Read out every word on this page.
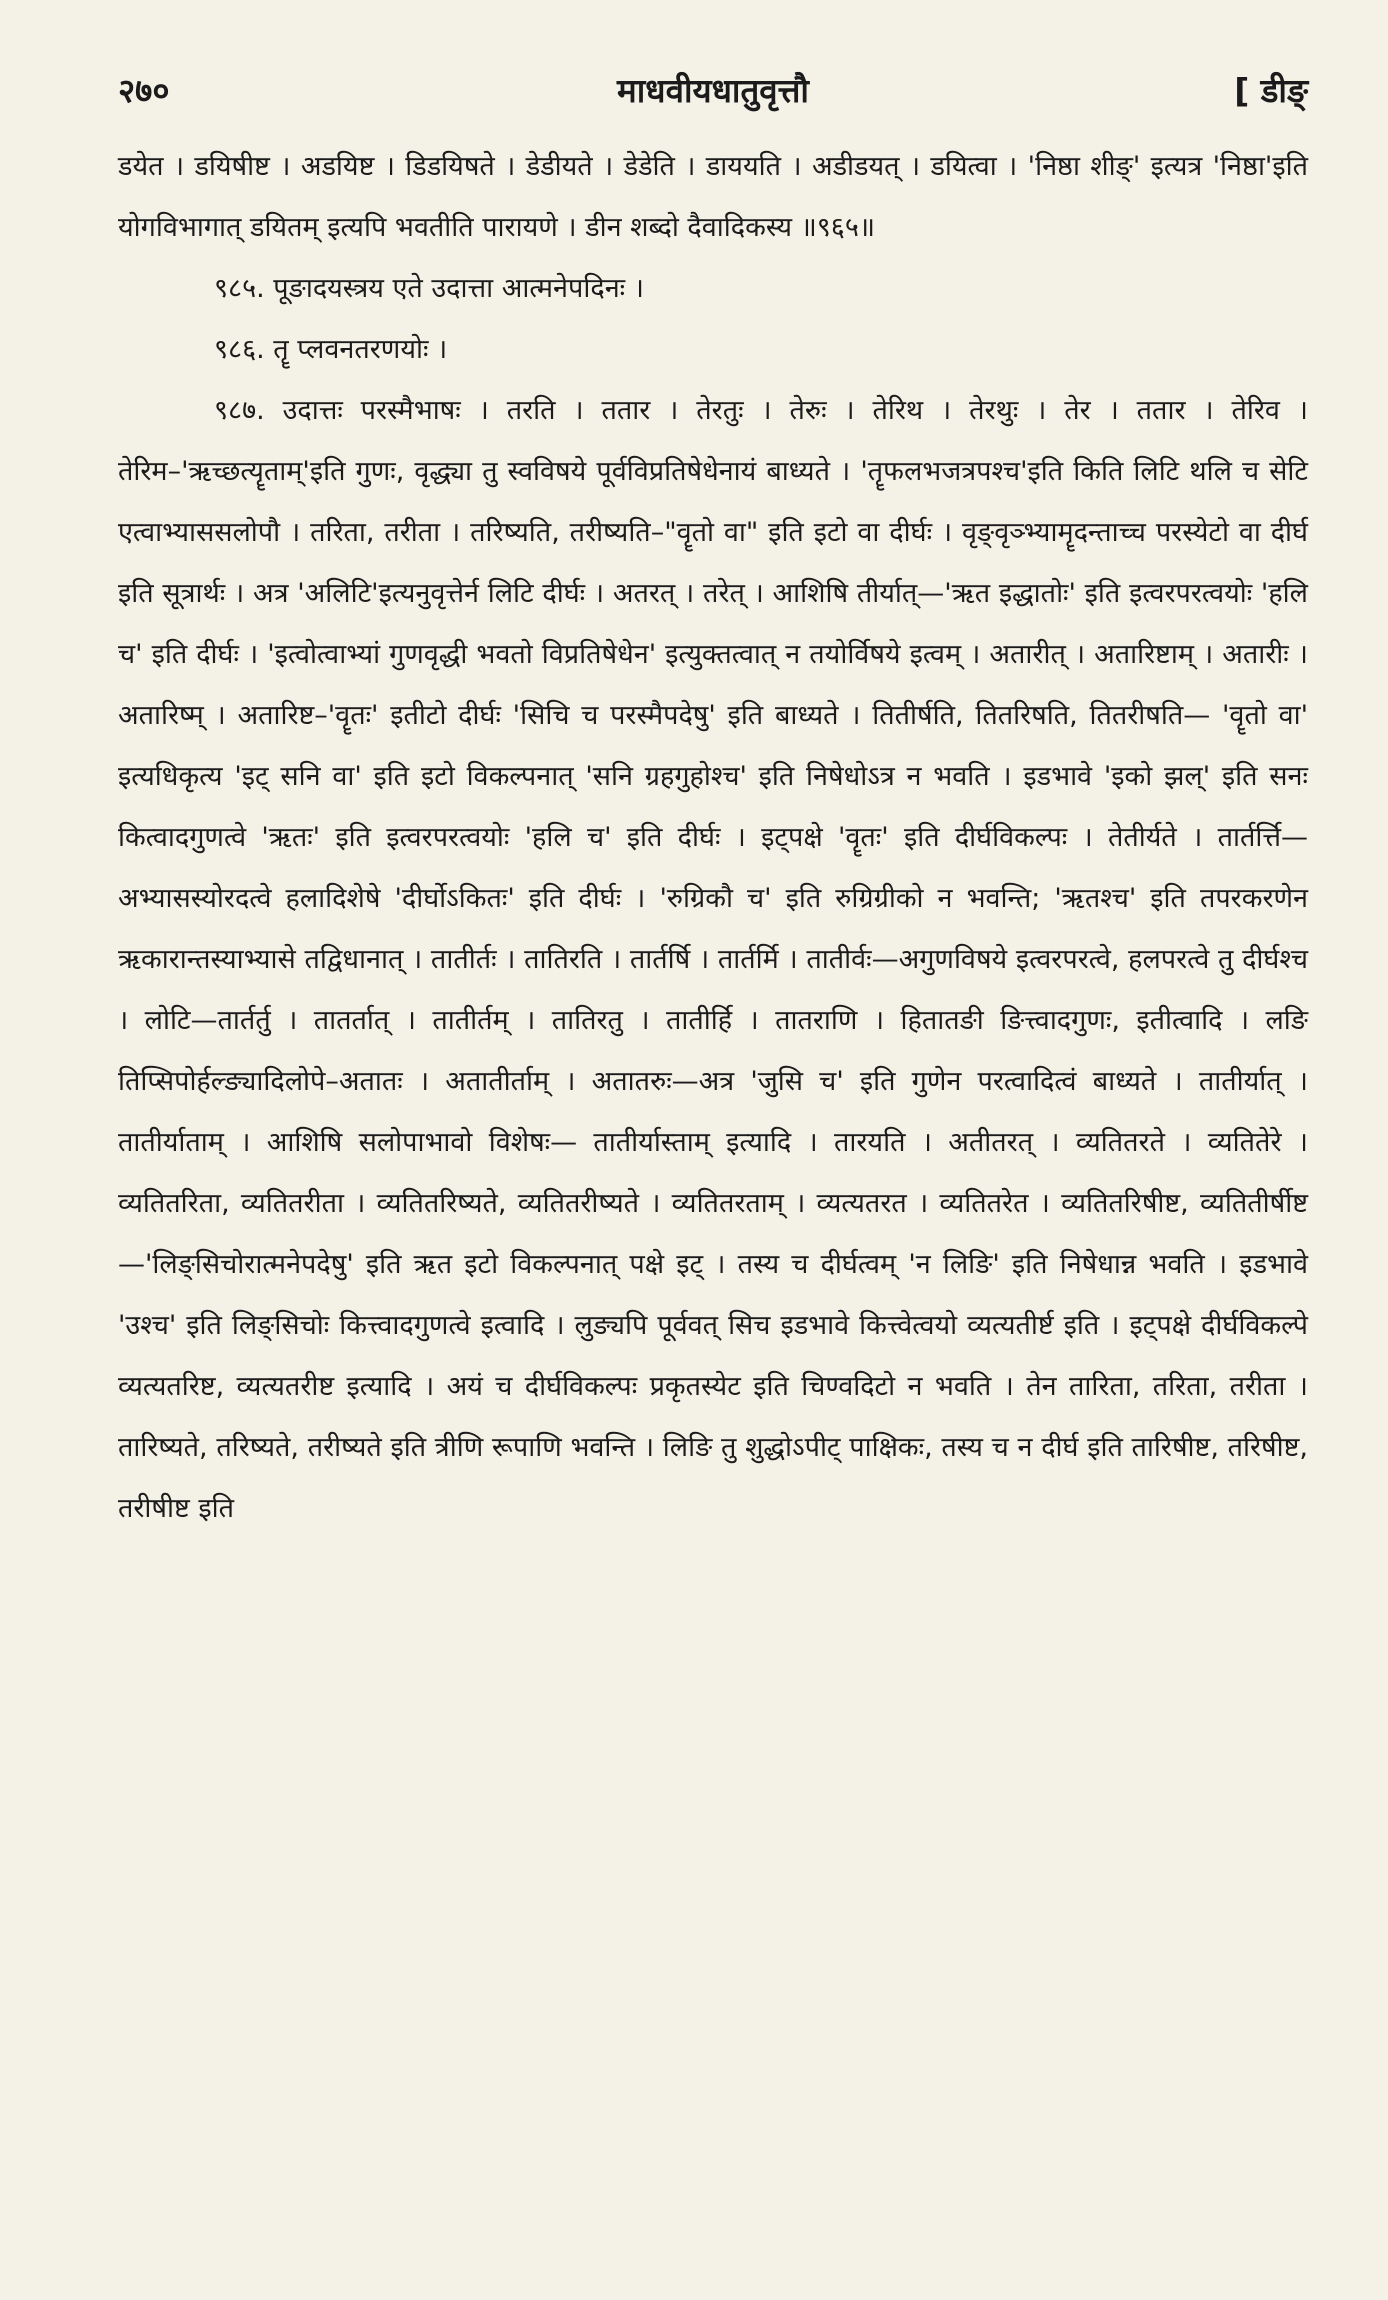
२७०	माधवीयधातुवृत्तौ	[ डीङ्

डयेत । डयिषीष्ट । अडयिष्ट । डिडयिषते । डेडीयते । डेडेति । डाययति । अडीडयत् । डयित्वा । 'निष्ठा शीङ्' इत्यत्र 'निष्ठा'इति योगविभागात् डयितम् इत्यपि भवतीति पारायणे । डीन शब्दो दैवादिकस्य ॥९६५॥

९८५. पूङादयस्त्रय एते उदात्ता आत्मनेपदिनः ।

९८६. तॄ प्लवनतरणयोः ।

९८७. उदात्तः परस्मैभाषः । तरति । ततार । तेरतुः । तेरुः । तेरिथ । तेरथुः । तेर । ततार । तेरिव । तेरिम–'ऋच्छत्यॄताम्'इति गुणः, वृद्ध्या तु स्वविषये पूर्वविप्रतिषेधेनायं बाध्यते । 'तॄफलभजत्रपश्च'इति किति लिटि थलि च सेटि एत्वाभ्याससलोपौ । तरिता, तरीता । तरिष्यति, तरीष्यति–"वॄतो वा" इति इटो वा दीर्घः । वृङ्वृञ्भ्यामॄदन्ताच्च परस्येटो वा दीर्घ इति सूत्रार्थः । अत्र 'अलिटि'इत्यनुवृत्तेर्न लिटि दीर्घः । अतरत् । तरेत् । आशिषि तीर्यात्—'ऋत इद्धातोः' इति इत्वरपरत्वयोः 'हलि च' इति दीर्घः । 'इत्वोत्वाभ्यां गुणवृद्धी भवतो विप्रतिषेधेन' इत्युक्तत्वात् न तयोर्विषये इत्वम् । अतारीत् । अतारिष्टाम् । अतारीः । अतारिष्म् । अतारिष्ट–'वॄतः' इतीटो दीर्घः 'सिचि च परस्मैपदेषु' इति बाध्यते । तितीर्षति, तितरिषति, तितरीषति— 'वॄतो वा' इत्यधिकृत्य 'इट् सनि वा' इति इटो विकल्पनात् 'सनि ग्रहगुहोश्च' इति निषेधोऽत्र न भवति । इडभावे 'इको झल्' इति सनः कित्वादगुणत्वे 'ऋतः' इति इत्वरपरत्वयोः 'हलि च' इति दीर्घः । इट्पक्षे 'वॄतः' इति दीर्घविकल्पः । तेतीर्यते । तार्तर्त्ति—अभ्यासस्योरदत्वे हलादिशेषे 'दीर्घोऽकितः' इति दीर्घः । 'रुग्रिकौ च' इति रुग्रिग्रीको न भवन्ति; 'ऋतश्च' इति तपरकरणेन ऋकारान्तस्याभ्यासे तद्विधानात् । तातीर्तः । तातिरति । तार्तर्षि । तार्तर्मि । तातीर्वः—अगुणविषये इत्वरपरत्वे, हलपरत्वे तु दीर्घश्च । लोटि—तार्तर्तु । तातर्तात् । तातीर्तम् । तातिरतु । तातीर्हि । तातराणि । हितातङी ङित्त्वादगुणः, इतीत्वादि । लङि तिप्सिपोर्हल्ङ्यादिलोपे–अतातः । अतातीर्ताम् । अतातरुः—अत्र 'जुसि च' इति गुणेन परत्वादित्वं बाध्यते । तातीर्यात् । तातीर्याताम् । आशिषि सलोपाभावो विशेषः— तातीर्यास्ताम् इत्यादि । तारयति । अतीतरत् । व्यतितरते । व्यतितेरे । व्यतितरिता, व्यतितरीता । व्यतितरिष्यते, व्यतितरीष्यते । व्यतितरताम् । व्यत्यतरत । व्यतितरेत । व्यतितरिषीष्ट, व्यतितीर्षीष्ट—'लिङ्सिचोरात्मनेपदेषु' इति ऋत इटो विकल्पनात् पक्षे इट् । तस्य च दीर्घत्वम् 'न लिङि' इति निषेधान्न भवति । इडभावे 'उश्च' इति लिङ्सिचोः कित्त्वादगुणत्वे इत्वादि । लुङ्यपि पूर्ववत् सिच इडभावे कित्त्वेत्वयो व्यत्यतीर्ष्ट इति । इट्पक्षे दीर्घविकल्पे व्यत्यतरिष्ट, व्यत्यतरीष्ट इत्यादि । अयं च दीर्घविकल्पः प्रकृतस्येट इति चिण्वदिटो न भवति । तेन तारिता, तरिता, तरीता । तारिष्यते, तरिष्यते, तरीष्यते इति त्रीणि रूपाणि भवन्ति । लिङि तु शुद्धोऽपीट् पाक्षिकः, तस्य च न दीर्घ इति तारिषीष्ट, तरिषीष्ट, तरीषीष्ट इति
